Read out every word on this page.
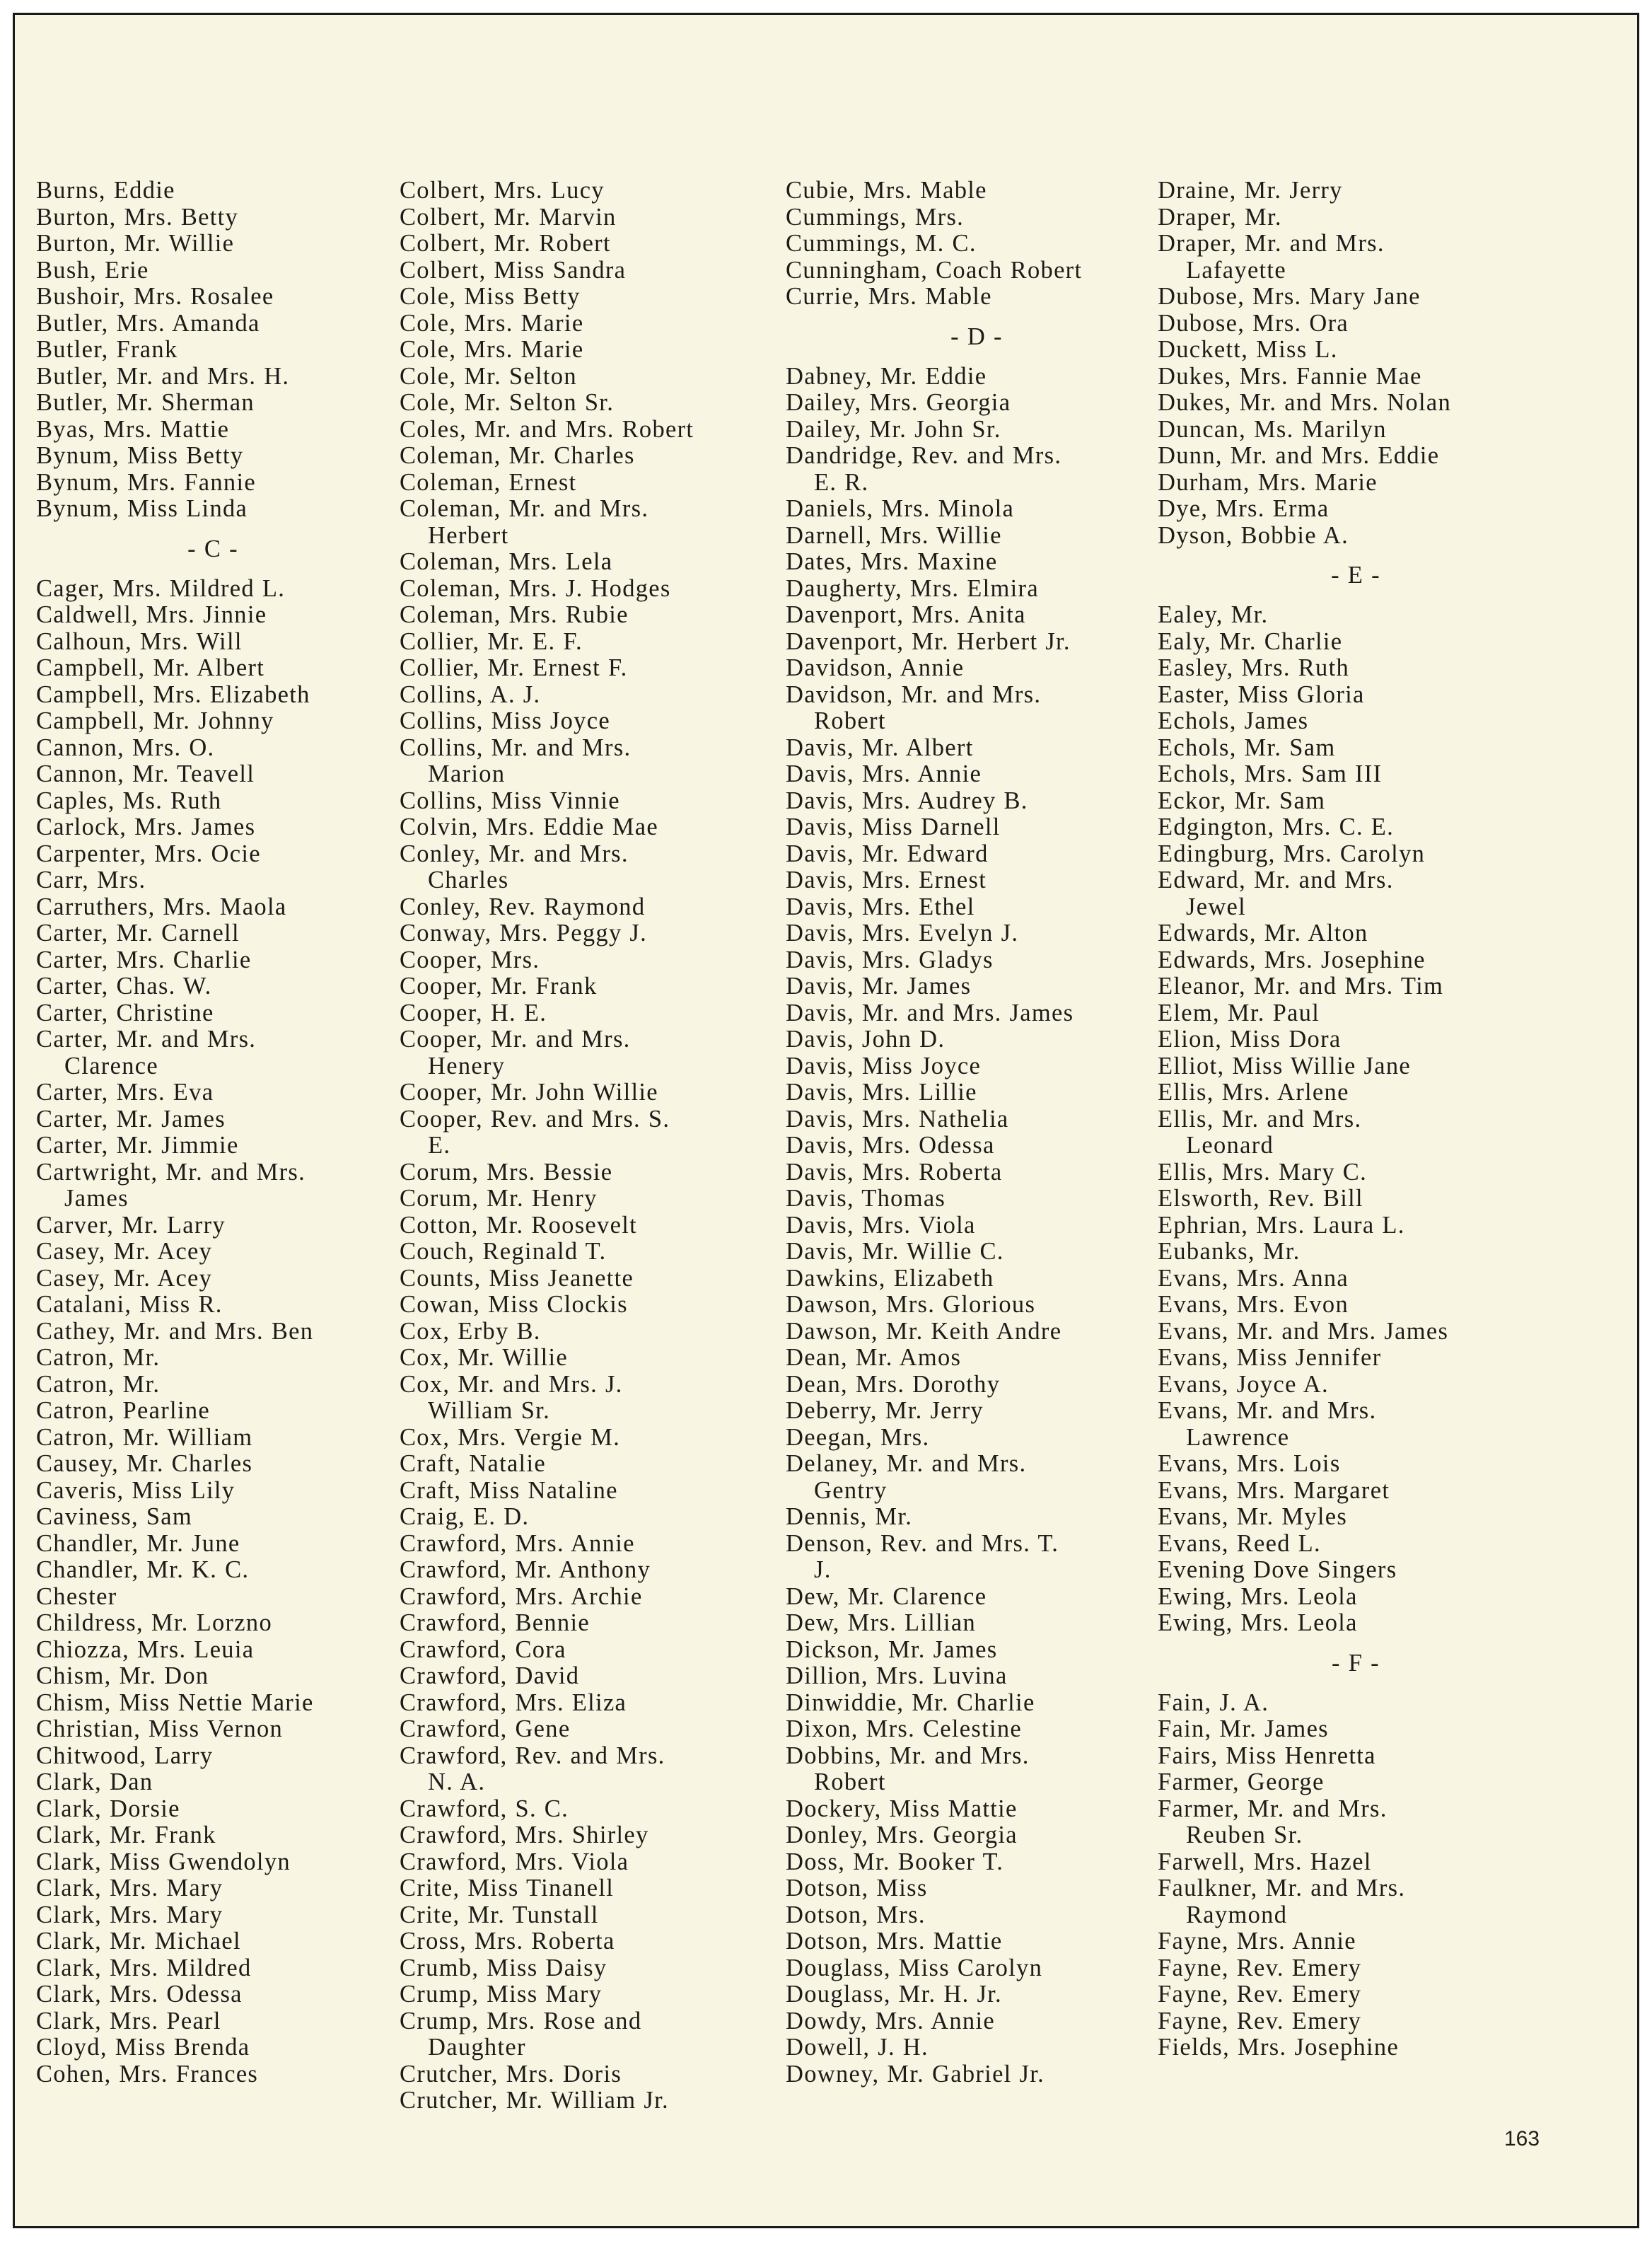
Burns, Eddie
Burton, Mrs. Betty
Burton, Mr. Willie
Bush, Erie
Bushoir, Mrs. Rosalee
Butler, Mrs. Amanda
Butler, Frank
Butler, Mr. and Mrs. H.
Butler, Mr. Sherman
Byas, Mrs. Mattie
Bynum, Miss Betty
Bynum, Mrs. Fannie
Bynum, Miss Linda
- C -
Cager, Mrs. Mildred L.
Caldwell, Mrs. Jinnie
Calhoun, Mrs. Will
Campbell, Mr. Albert
Campbell, Mrs. Elizabeth
Campbell, Mr. Johnny
Cannon, Mrs. O.
Cannon, Mr. Teavell
Caples, Ms. Ruth
Carlock, Mrs. James
Carpenter, Mrs. Ocie
Carr, Mrs.
Carruthers, Mrs. Maola
Carter, Mr. Carnell
Carter, Mrs. Charlie
Carter, Chas. W.
Carter, Christine
Carter, Mr. and Mrs.
Clarence
Carter, Mrs. Eva
Carter, Mr. James
Carter, Mr. Jimmie
Cartwright, Mr. and Mrs.
James
Carver, Mr. Larry
Casey, Mr. Acey
Casey, Mr. Acey
Catalani, Miss R.
Cathey, Mr. and Mrs. Ben
Catron, Mr.
Catron, Mr.
Catron, Pearline
Catron, Mr. William
Causey, Mr. Charles
Caveris, Miss Lily
Caviness, Sam
Chandler, Mr. June
Chandler, Mr. K. C.
Chester
Childress, Mr. Lorzno
Chiozza, Mrs. Leuia
Chism, Mr. Don
Chism, Miss Nettie Marie
Christian, Miss Vernon
Chitwood, Larry
Clark, Dan
Clark, Dorsie
Clark, Mr. Frank
Clark, Miss Gwendolyn
Clark, Mrs. Mary
Clark, Mrs. Mary
Clark, Mr. Michael
Clark, Mrs. Mildred
Clark, Mrs. Odessa
Clark, Mrs. Pearl
Cloyd, Miss Brenda
Cohen, Mrs. Frances
Colbert, Mrs. Lucy
Colbert, Mr. Marvin
Colbert, Mr. Robert
Colbert, Miss Sandra
Cole, Miss Betty
Cole, Mrs. Marie
Cole, Mrs. Marie
Cole, Mr. Selton
Cole, Mr. Selton Sr.
Coles, Mr. and Mrs. Robert
Coleman, Mr. Charles
Coleman, Ernest
Coleman, Mr. and Mrs.
Herbert
Coleman, Mrs. Lela
Coleman, Mrs. J. Hodges
Coleman, Mrs. Rubie
Collier, Mr. E. F.
Collier, Mr. Ernest F.
Collins, A. J.
Collins, Miss Joyce
Collins, Mr. and Mrs.
Marion
Collins, Miss Vinnie
Colvin, Mrs. Eddie Mae
Conley, Mr. and Mrs.
Charles
Conley, Rev. Raymond
Conway, Mrs. Peggy J.
Cooper, Mrs.
Cooper, Mr. Frank
Cooper, H. E.
Cooper, Mr. and Mrs.
Henery
Cooper, Mr. John Willie
Cooper, Rev. and Mrs. S.
E.
Corum, Mrs. Bessie
Corum, Mr. Henry
Cotton, Mr. Roosevelt
Couch, Reginald T.
Counts, Miss Jeanette
Cowan, Miss Clockis
Cox, Erby B.
Cox, Mr. Willie
Cox, Mr. and Mrs. J.
William Sr.
Cox, Mrs. Vergie M.
Craft, Natalie
Craft, Miss Nataline
Craig, E. D.
Crawford, Mrs. Annie
Crawford, Mr. Anthony
Crawford, Mrs. Archie
Crawford, Bennie
Crawford, Cora
Crawford, David
Crawford, Mrs. Eliza
Crawford, Gene
Crawford, Rev. and Mrs.
N. A.
Crawford, S. C.
Crawford, Mrs. Shirley
Crawford, Mrs. Viola
Crite, Miss Tinanell
Crite, Mr. Tunstall
Cross, Mrs. Roberta
Crumb, Miss Daisy
Crump, Miss Mary
Crump, Mrs. Rose and
Daughter
Crutcher, Mrs. Doris
Crutcher, Mr. William Jr.
Cubie, Mrs. Mable
Cummings, Mrs.
Cummings, M. C.
Cunningham, Coach Robert
Currie, Mrs. Mable
- D -
Dabney, Mr. Eddie
Dailey, Mrs. Georgia
Dailey, Mr. John Sr.
Dandridge, Rev. and Mrs.
E. R.
Daniels, Mrs. Minola
Darnell, Mrs. Willie
Dates, Mrs. Maxine
Daugherty, Mrs. Elmira
Davenport, Mrs. Anita
Davenport, Mr. Herbert Jr.
Davidson, Annie
Davidson, Mr. and Mrs.
Robert
Davis, Mr. Albert
Davis, Mrs. Annie
Davis, Mrs. Audrey B.
Davis, Miss Darnell
Davis, Mr. Edward
Davis, Mrs. Ernest
Davis, Mrs. Ethel
Davis, Mrs. Evelyn J.
Davis, Mrs. Gladys
Davis, Mr. James
Davis, Mr. and Mrs. James
Davis, John D.
Davis, Miss Joyce
Davis, Mrs. Lillie
Davis, Mrs. Nathelia
Davis, Mrs. Odessa
Davis, Mrs. Roberta
Davis, Thomas
Davis, Mrs. Viola
Davis, Mr. Willie C.
Dawkins, Elizabeth
Dawson, Mrs. Glorious
Dawson, Mr. Keith Andre
Dean, Mr. Amos
Dean, Mrs. Dorothy
Deberry, Mr. Jerry
Deegan, Mrs.
Delaney, Mr. and Mrs.
Gentry
Dennis, Mr.
Denson, Rev. and Mrs. T.
J.
Dew, Mr. Clarence
Dew, Mrs. Lillian
Dickson, Mr. James
Dillion, Mrs. Luvina
Dinwiddie, Mr. Charlie
Dixon, Mrs. Celestine
Dobbins, Mr. and Mrs.
Robert
Dockery, Miss Mattie
Donley, Mrs. Georgia
Doss, Mr. Booker T.
Dotson, Miss
Dotson, Mrs.
Dotson, Mrs. Mattie
Douglass, Miss Carolyn
Douglass, Mr. H. Jr.
Dowdy, Mrs. Annie
Dowell, J. H.
Downey, Mr. Gabriel Jr.
Draine, Mr. Jerry
Draper, Mr.
Draper, Mr. and Mrs.
Lafayette
Dubose, Mrs. Mary Jane
Dubose, Mrs. Ora
Duckett, Miss L.
Dukes, Mrs. Fannie Mae
Dukes, Mr. and Mrs. Nolan
Duncan, Ms. Marilyn
Dunn, Mr. and Mrs. Eddie
Durham, Mrs. Marie
Dye, Mrs. Erma
Dyson, Bobbie A.
- E -
Ealey, Mr.
Ealy, Mr. Charlie
Easley, Mrs. Ruth
Easter, Miss Gloria
Echols, James
Echols, Mr. Sam
Echols, Mrs. Sam III
Eckor, Mr. Sam
Edgington, Mrs. C. E.
Edingburg, Mrs. Carolyn
Edward, Mr. and Mrs.
Jewel
Edwards, Mr. Alton
Edwards, Mrs. Josephine
Eleanor, Mr. and Mrs. Tim
Elem, Mr. Paul
Elion, Miss Dora
Elliot, Miss Willie Jane
Ellis, Mrs. Arlene
Ellis, Mr. and Mrs.
Leonard
Ellis, Mrs. Mary C.
Elsworth, Rev. Bill
Ephrian, Mrs. Laura L.
Eubanks, Mr.
Evans, Mrs. Anna
Evans, Mrs. Evon
Evans, Mr. and Mrs. James
Evans, Miss Jennifer
Evans, Joyce A.
Evans, Mr. and Mrs.
Lawrence
Evans, Mrs. Lois
Evans, Mrs. Margaret
Evans, Mr. Myles
Evans, Reed L.
Evening Dove Singers
Ewing, Mrs. Leola
Ewing, Mrs. Leola
- F -
Fain, J. A.
Fain, Mr. James
Fairs, Miss Henretta
Farmer, George
Farmer, Mr. and Mrs.
Reuben Sr.
Farwell, Mrs. Hazel
Faulkner, Mr. and Mrs.
Raymond
Fayne, Mrs. Annie
Fayne, Rev. Emery
Fayne, Rev. Emery
Fayne, Rev. Emery
Fields, Mrs. Josephine
163
